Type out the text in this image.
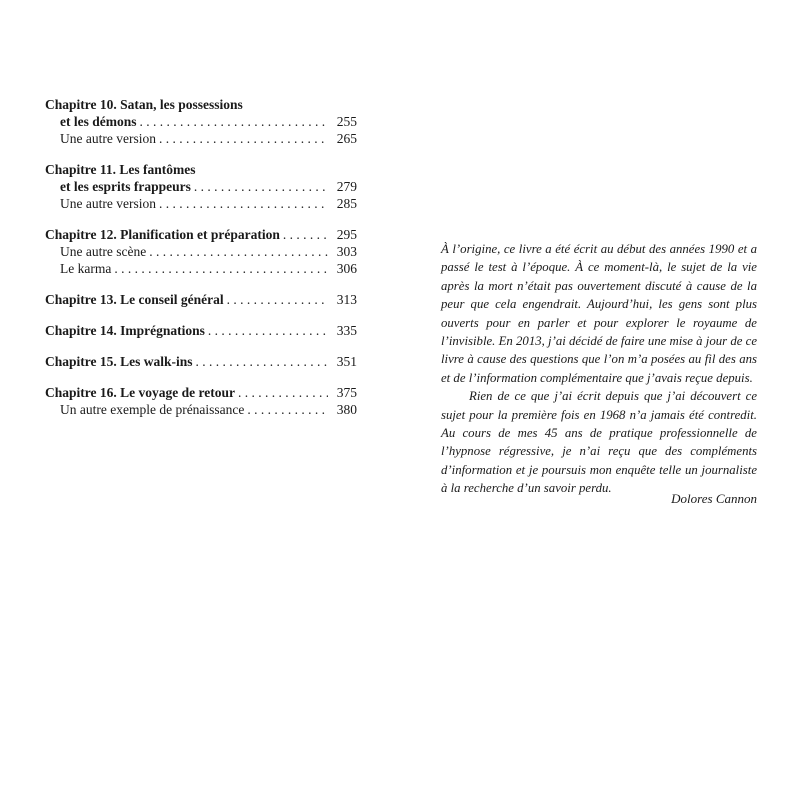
Chapitre 10.
Satan, les possessions
et les démons . . .	255
Une autre version . . .	265
Chapitre 11.
Les fantômes
et les esprits frappeurs . . .	279
Une autre version . . .	285
Chapitre 12.
Planification et préparation . . .	295
Une autre scène . . .	303
Le karma . . .	306
Chapitre 13.
Le conseil général . . .	313
Chapitre 14.
Imprégnations . . .	335
Chapitre 15.
Les walk-ins . . .	351
Chapitre 16.
Le voyage de retour . . .	375
Un autre exemple de prénaissance . . .	380

À l’origine, ce livre a été écrit au début des années 1990 et a passé le test à l’époque. À ce moment-là, le sujet de la vie après la mort n’était pas ouvertement discuté à cause de la peur que cela engendrait. Aujourd’hui, les gens sont plus ouverts pour en parler et pour explorer le royaume de l’invisible. En 2013, j’ai décidé de faire une mise à jour de ce livre à cause des questions que l’on m’a posées au fil des ans et de l’information complémentaire que j’avais reçue depuis.

Rien de ce que j’ai écrit depuis que j’ai découvert ce sujet pour la première fois en 1968 n’a jamais été contredit. Au cours de mes 45 ans de pratique professionnelle de l’hypnose régressive, je n’ai reçu que des compléments d’information et je poursuis mon enquête telle un journaliste à la recherche d’un savoir perdu.

Dolores Cannon
